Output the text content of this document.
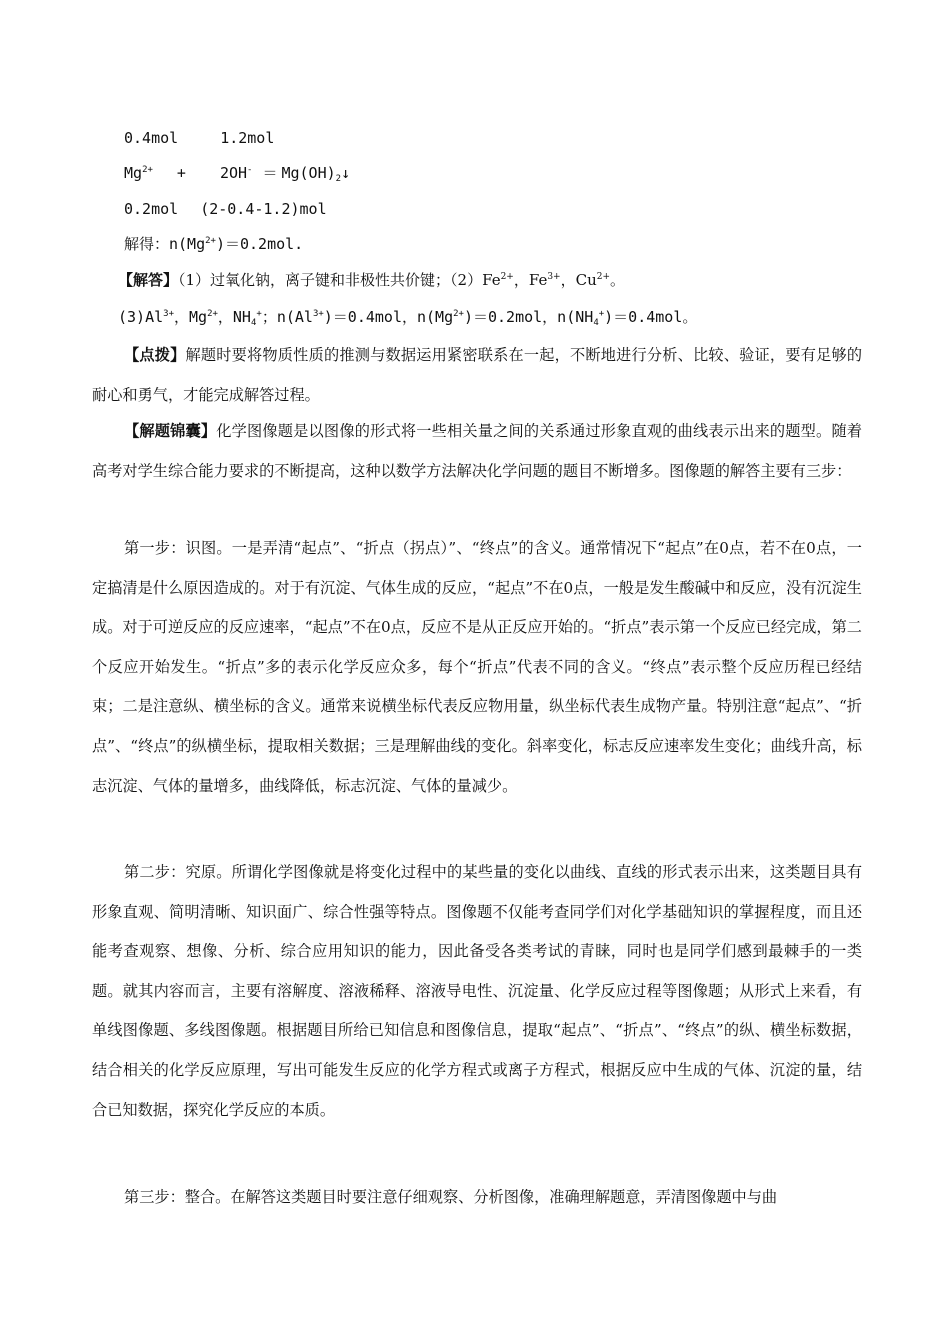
0.4mol	1.2mol
$Mg^{2+} + 2OH^-$ ＝ $Mg(OH)_2↓$
0.2mol (2-0.4-1.2)mol
解得：$n(Mg^{2+})=0.2mol$.
【解答】（1）过氧化钠，离子键和非极性共价键；$(2)Fe^{2+}$，$Fe^{3+}$，$Cu^{2+}$。
$(3)Al^{3+}$，$Mg^{2+}$，$NH_4^+$；$n(Al^{3+})=0.4mol$，$n(Mg^{2+})=0.2mol$，$n(NH_4^+)=0.4mol$。
【点拨】解题时要将物质性质的推测与数据运用紧密联系在一起，不断地进行分析、比较、验证，要有足够的耐心和勇气，才能完成解答过程。
【解题锦囊】化学图像题是以图像的形式将一些相关量之间的关系通过形象直观的曲线表示出来的题型。随着高考对学生综合能力要求的不断提高，这种以数学方法解决化学问题的题目不断增多。图像题的解答主要有三步：
第一步：识图。一是弄清“起点”、“折点（拐点）”、“终点”的含义。通常情况下“起点”在0点，若不在0点，一定搞清是什么原因造成的。对于有沉淀、气体生成的反应，“起点”不在0点，一般是发生酸碱中和反应，没有沉淀生成。对于可逆反应的反应速率，“起点”不在0点，反应不是从正反应开始的。“折点”表示第一个反应已经完成，第二个反应开始发生。“折点”多的表示化学反应众多，每个“折点”代表不同的含义。“终点”表示整个反应历程已经结束；二是注意纵、横坐标的含义。通常来说横坐标代表反应物用量，纵坐标代表生成物产量。特别注意“起点”、“折点”、“终点”的纵横坐标，提取相关数据；三是理解曲线的变化。斜率变化，标志反应速率发生变化；曲线升高，标志沉淀、气体的量增多，曲线降低，标志沉淀、气体的量减少。
第二步：究原。所谓化学图像就是将变化过程中的某些量的变化以曲线、直线的形式表示出来，这类题目具有形象直观、简明清晰、知识面广、综合性强等特点。图像题不仅能考查同学们对化学基础知识的掌握程度，而且还能考查观察、想像、分析、综合应用知识的能力，因此备受各类考试的青睐，同时也是同学们感到最棘手的一类题。就其内容而言，主要有溶解度、溶液稀释、溶液导电性、沉淀量、化学反应过程等图像题；从形式上来看，有单线图像题、多线图像题。根据题目所给已知信息和图像信息，提取“起点”、“折点”、“终点”的纵、横坐标数据，结合相关的化学反应原理，写出可能发生反应的化学方程式或离子方程式，根据反应中生成的气体、沉淀的量，结合已知数据，探究化学反应的本质。
第三步：整合。在解答这类题目时要注意仔细观察、分析图像，准确理解题意，弄清图像题中与曲
